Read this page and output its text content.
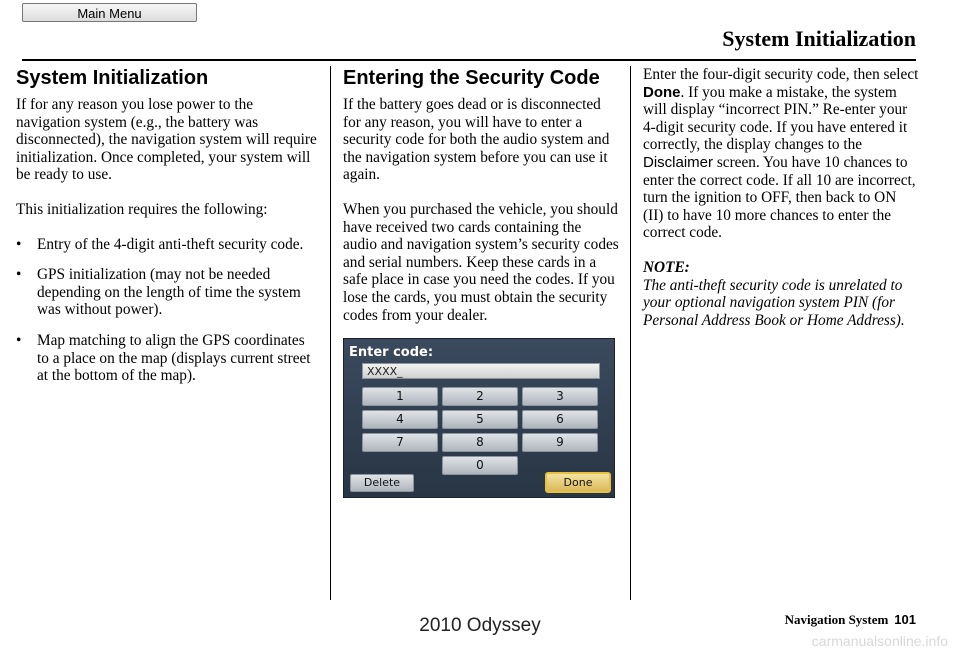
Main Menu
System Initialization
System Initialization

If for any reason you lose power to the navigation system (e.g., the battery was disconnected), the navigation system will require initialization. Once completed, your system will be ready to use.

This initialization requires the following:

• Entry of the 4-digit anti-theft security code.
• GPS initialization (may not be needed depending on the length of time the system was without power).
• Map matching to align the GPS coordinates to a place on the map (displays current street at the bottom of the map).
Entering the Security Code

If the battery goes dead or is disconnected for any reason, you will have to enter a security code for both the audio system and the navigation system before you can use it again.

When you purchased the vehicle, you should have received two cards containing the audio and navigation system’s security codes and serial numbers. Keep these cards in a safe place in case you need the codes. If you lose the cards, you must obtain the security codes from your dealer.

Enter code:
XXXX_
1	2	3
4	5	6
7	8	9
0
Delete	Done

Enter the four-digit security code, then select Done. If you make a mistake, the system will display “incorrect PIN.” Re-enter your 4-digit security code. If you have entered it correctly, the display changes to the Disclaimer screen. You have 10 chances to enter the correct code. If all 10 are incorrect, turn the ignition to OFF, then back to ON (II) to have 10 more chances to enter the correct code.

NOTE:

The anti-theft security code is unrelated to your optional navigation system PIN (for Personal Address Book or Home Address).

Navigation System 101
2010 Odyssey
carmanualsonline.info
